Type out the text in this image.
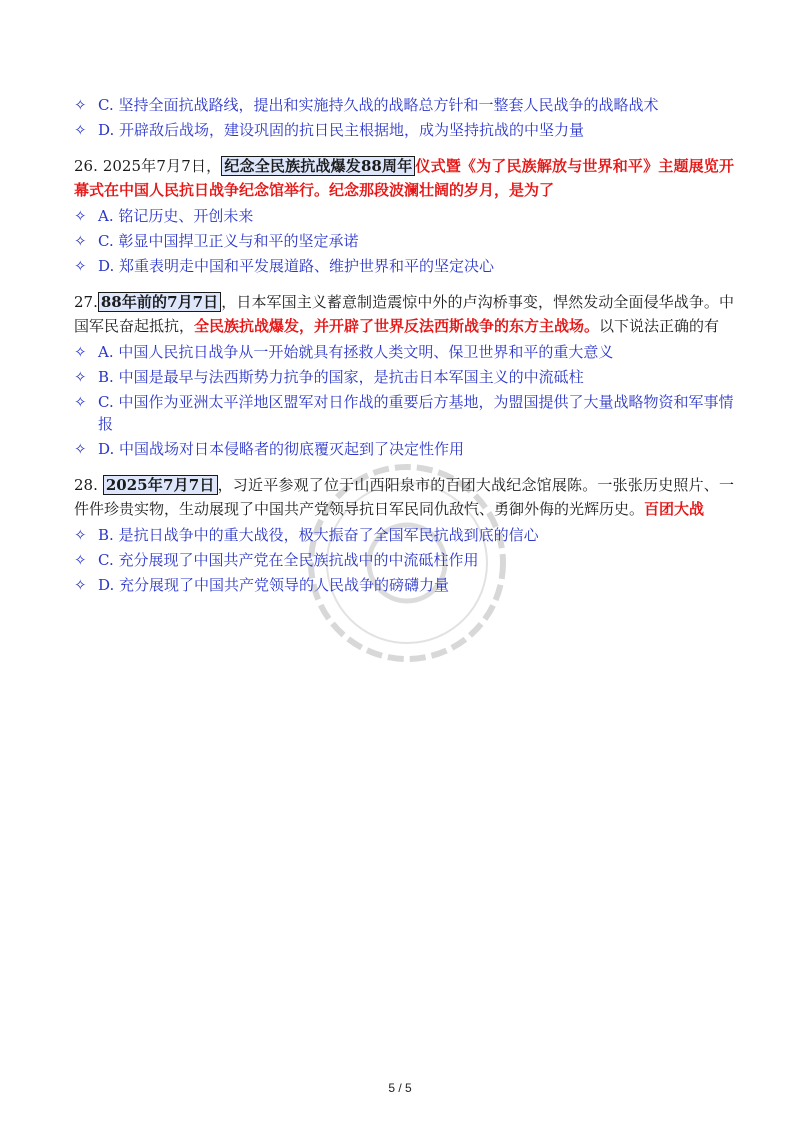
✧ C. 坚持全面抗战路线，提出和实施持久战的战略总方针和一整套人民战争的战略战术
✧ D. 开辟敌后战场，建设巩固的抗日民主根据地，成为坚持抗战的中坚力量
26. 2025年7月7日， 纪念全民族抗战爆发88周年 仪式暨《为了民族解放与世界和平》主题展览开幕式在中国人民抗日战争纪念馆举行。纪念那段波澜壮阔的岁月，是为了
✧ A. 铭记历史、开创未来
✧ C. 彰显中国捍卫正义与和平的坚定承诺
✧ D. 郑重表明走中国和平发展道路、维护世界和平的坚定决心
27. 88年前的7月7日 ，日本军国主义蓄意制造震惊中外的卢沟桥事变，悍然发动全面侵华战争。中国军民奋起抵抗，全民族抗战爆发，并开辟了世界反法西斯战争的东方主战场。以下说法正确的有
✧ A. 中国人民抗日战争从一开始就具有拯救人类文明、保卫世界和平的重大意义
✧ B. 中国是最早与法西斯势力抗争的国家，是抗击日本军国主义的中流砥柱
✧ C. 中国作为亚洲太平洋地区盟军对日作战的重要后方基地，为盟国提供了大量战略物资和军事情报
✧ D. 中国战场对日本侵略者的彻底覆灭起到了决定性作用
28. 2025年7月7日 ，习近平参观了位于山西阳泉市的百团大战纪念馆展陈。一张张历史照片、一件件珍贵实物，生动展现了中国共产党领导抗日军民同仇敌忾、勇御外侮的光辉历史。百团大战
✧ B. 是抗日战争中的重大战役，极大振奋了全国军民抗战到底的信心
✧ C. 充分展现了中国共产党在全民族抗战中的中流砥柱作用
✧ D. 充分展现了中国共产党领导的人民战争的磅礴力量
5 / 5
